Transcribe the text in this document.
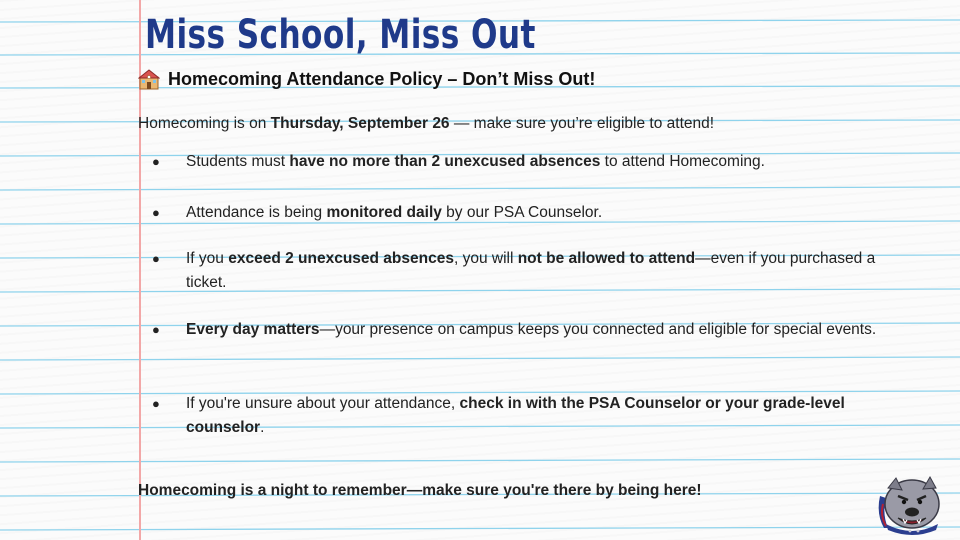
Miss School, Miss Out
Homecoming Attendance Policy – Don’t Miss Out!

Homecoming is on Thursday, September 26 — make sure you’re eligible to attend!

● Students must have no more than 2 unexcused absences to attend Homecoming.
● Attendance is being monitored daily by our PSA Counselor.
● If you exceed 2 unexcused absences, you will not be allowed to attend—even if you purchased a ticket.
● Every day matters—your presence on campus keeps you connected and eligible for special events.
● If you're unsure about your attendance, check in with the PSA Counselor or your grade-level counselor.

Homecoming is a night to remember—make sure you're there by being here!
